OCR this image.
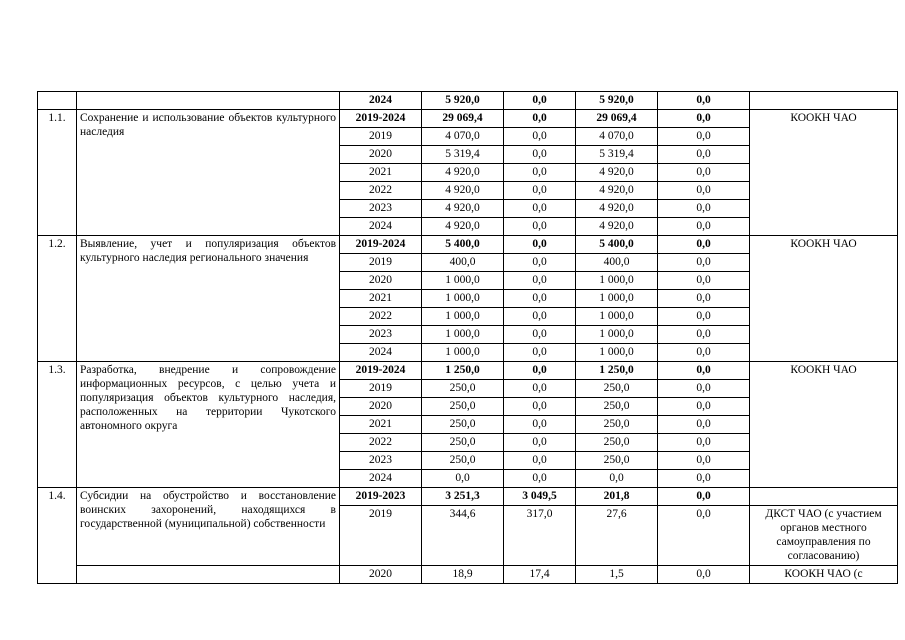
		2024	5 920,0	0,0	5 920,0	0,0	
1.1.	Сохранение и использование объектов культурного наследия	2019-2024	29 069,4	0,0	29 069,4	0,0	КООКН ЧАО
		2019	4 070,0	0,0	4 070,0	0,0	
		2020	5 319,4	0,0	5 319,4	0,0	
		2021	4 920,0	0,0	4 920,0	0,0	
		2022	4 920,0	0,0	4 920,0	0,0	
		2023	4 920,0	0,0	4 920,0	0,0	
		2024	4 920,0	0,0	4 920,0	0,0	
1.2.	Выявление, учет и популяризация объектов культурного наследия регионального значения	2019-2024	5 400,0	0,0	5 400,0	0,0	КООКН ЧАО
		2019	400,0	0,0	400,0	0,0	
		2020	1 000,0	0,0	1 000,0	0,0	
		2021	1 000,0	0,0	1 000,0	0,0	
		2022	1 000,0	0,0	1 000,0	0,0	
		2023	1 000,0	0,0	1 000,0	0,0	
		2024	1 000,0	0,0	1 000,0	0,0	
1.3.	Разработка, внедрение и сопровождение информационных ресурсов, с целью учета и популяризация объектов культурного наследия, расположенных на территории Чукотского автономного округа	2019-2024	1 250,0	0,0	1 250,0	0,0	КООКН ЧАО
		2019	250,0	0,0	250,0	0,0	
		2020	250,0	0,0	250,0	0,0	
		2021	250,0	0,0	250,0	0,0	
		2022	250,0	0,0	250,0	0,0	
		2023	250,0	0,0	250,0	0,0	
		2024	0,0	0,0	0,0	0,0	
1.4.	Субсидии на обустройство и восстановление воинских захоронений, находящихся в государственной (муниципальной) собственности	2019-2023	3 251,3	3 049,5	201,8	0,0	
		2019	344,6	317,0	27,6	0,0	ДКСТ ЧАО (с участием органов местного самоуправления по согласованию)
		2020	18,9	17,4	1,5	0,0	КООКН ЧАО (с
